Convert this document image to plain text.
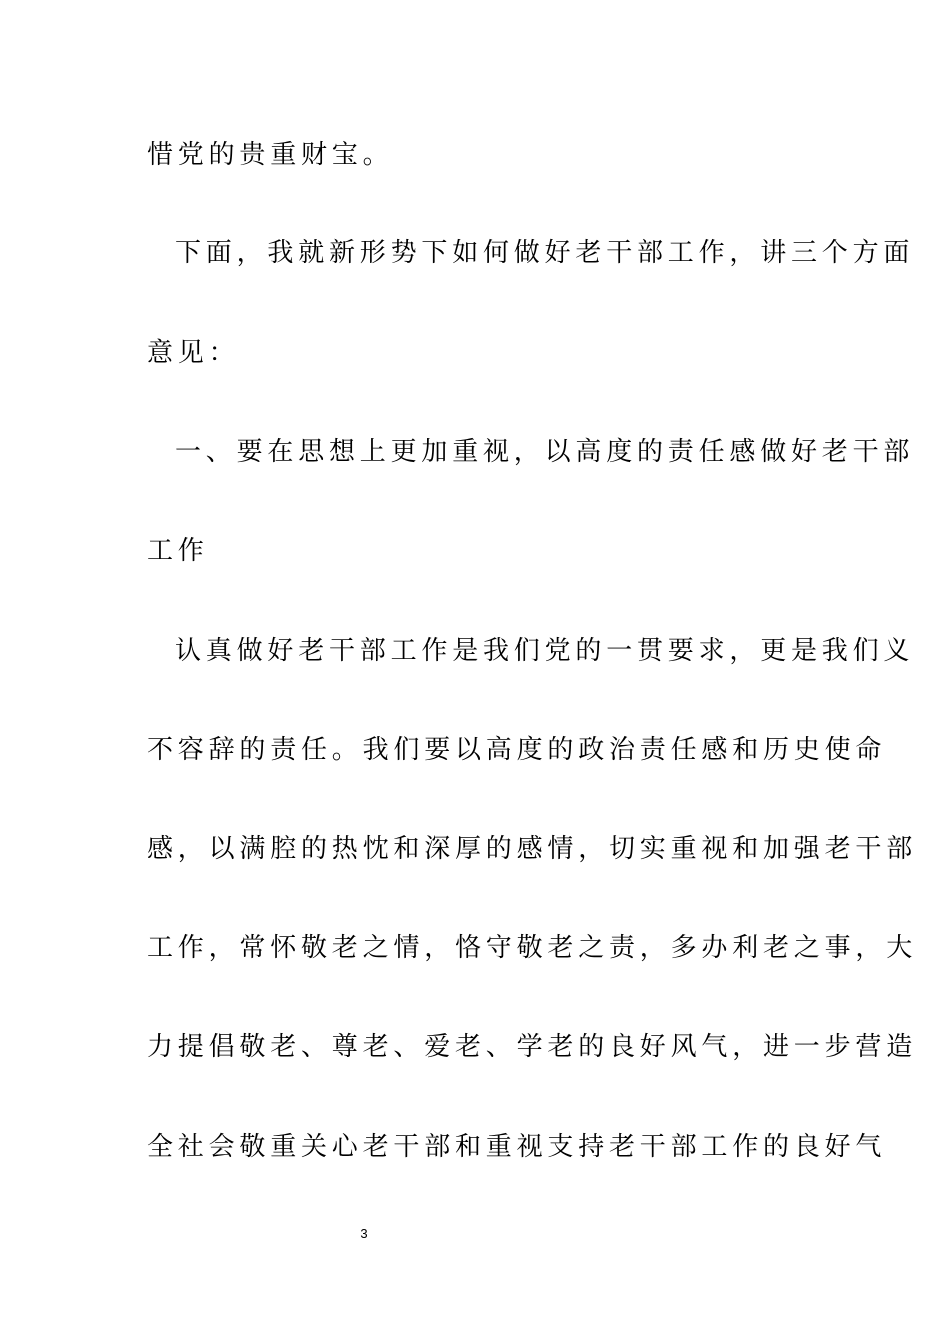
惜党的贵重财宝。
下面，我就新形势下如何做好老干部工作，讲三个方面
意见：
一、要在思想上更加重视，以高度的责任感做好老干部
工作
认真做好老干部工作是我们党的一贯要求，更是我们义
不容辞的责任。我们要以高度的政治责任感和历史使命
感，以满腔的热忱和深厚的感情，切实重视和加强老干部
工作，常怀敬老之情，恪守敬老之责，多办利老之事，大
力提倡敬老、尊老、爱老、学老的良好风气，进一步营造
全社会敬重关心老干部和重视支持老干部工作的良好气
3
